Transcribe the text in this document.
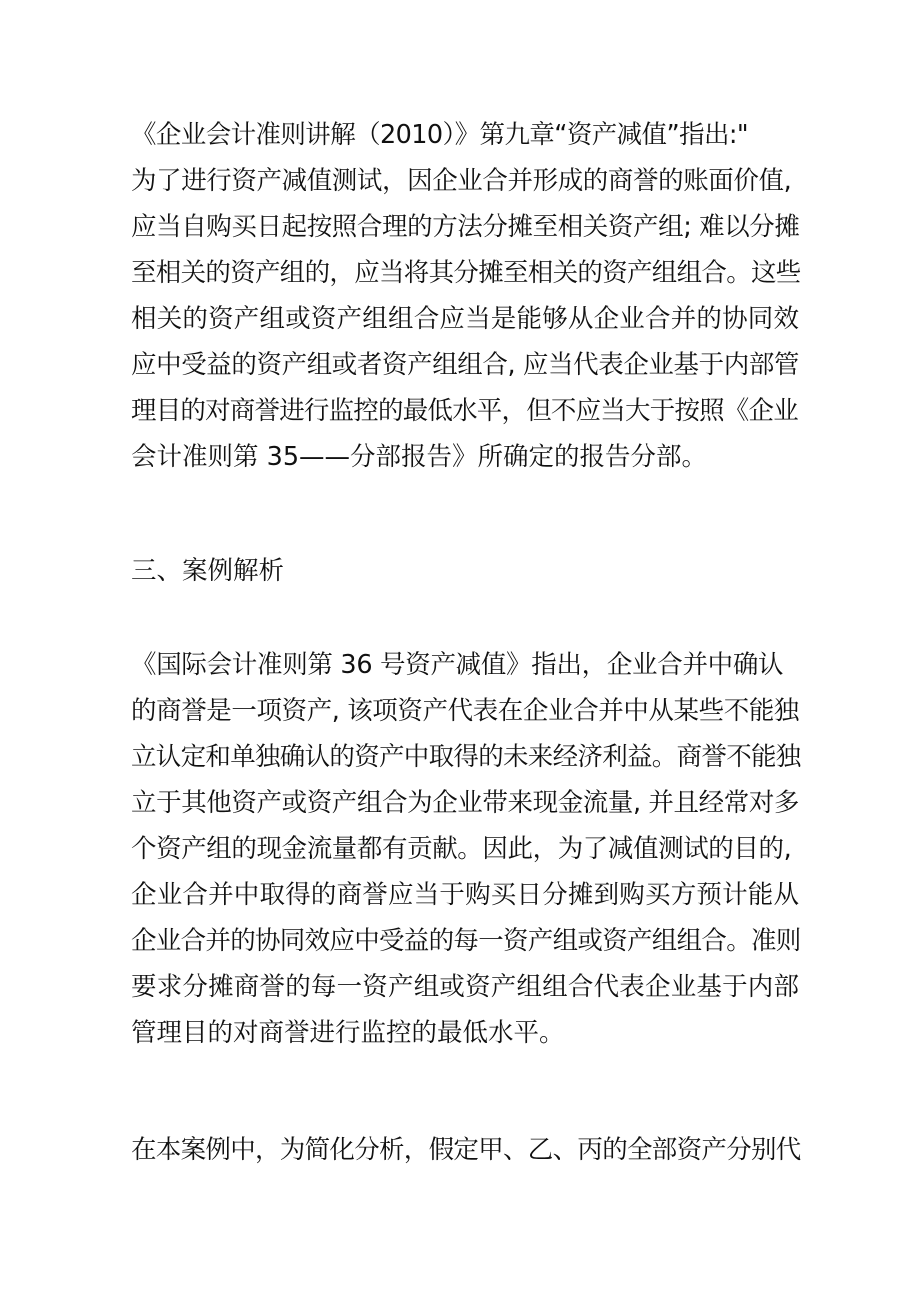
《企业会计准则讲解（2010）》第九章“资产减值”指出:"
为了进行资产减值测试，因企业合并形成的商誉的账面价值,
应当自购买日起按照合理的方法分摊至相关资产组; 难以分摊
至相关的资产组的，应当将其分摊至相关的资产组组合。这些
相关的资产组或资产组组合应当是能够从企业合并的协同效
应中受益的资产组或者资产组组合, 应当代表企业基于内部管
理目的对商誉进行监控的最低水平，但不应当大于按照《企业
会计准则第 35——分部报告》所确定的报告分部。
三、案例解析
《国际会计准则第 36 号资产减值》指出，企业合并中确认
的商誉是一项资产, 该项资产代表在企业合并中从某些不能独
立认定和单独确认的资产中取得的未来经济利益。商誉不能独
立于其他资产或资产组合为企业带来现金流量, 并且经常对多
个资产组的现金流量都有贡献。因此，为了减值测试的目的,
企业合并中取得的商誉应当于购买日分摊到购买方预计能从
企业合并的协同效应中受益的每一资产组或资产组组合。准则
要求分摊商誉的每一资产组或资产组组合代表企业基于内部
管理目的对商誉进行监控的最低水平。
在本案例中，为简化分析，假定甲、乙、丙的全部资产分别代
